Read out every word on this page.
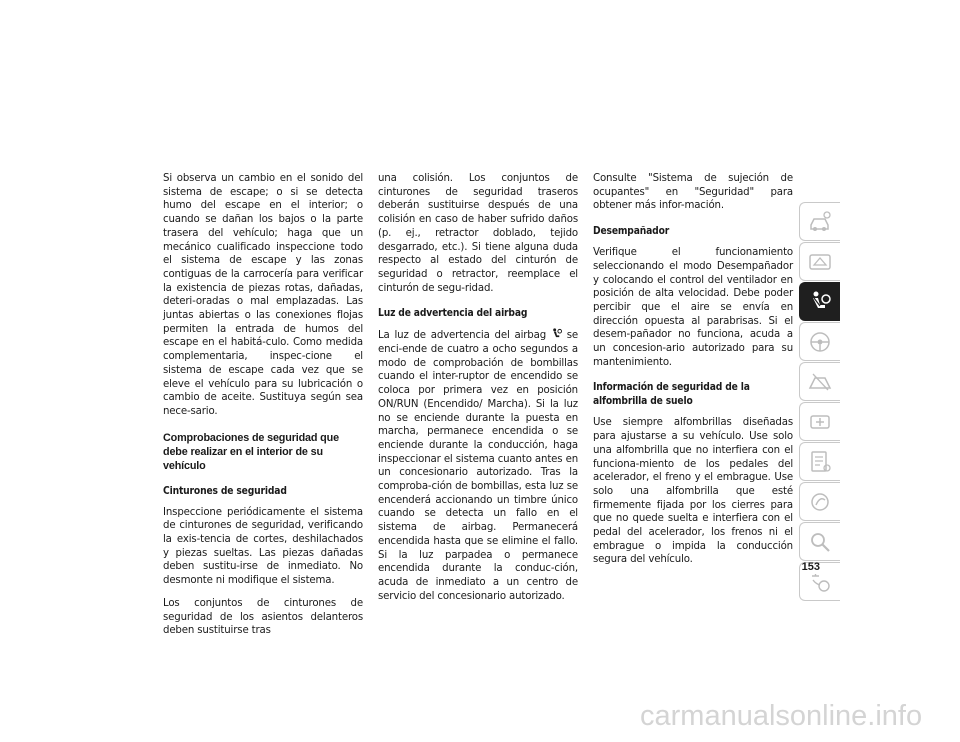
Si observa un cambio en el sonido del sistema de escape; o si se detecta humo del escape en el interior; o cuando se dañan los bajos o la parte trasera del vehículo; haga que un mecánico cualificado inspeccione todo el sistema de escape y las zonas contiguas de la carrocería para verificar la existencia de piezas rotas, dañadas, deteri-oradas o mal emplazadas. Las juntas abiertas o las conexiones flojas permiten la entrada de humos del escape en el habitá-culo. Como medida complementaria, inspec-cione el sistema de escape cada vez que se eleve el vehículo para su lubricación o cambio de aceite. Sustituya según sea nece-sario.

Comprobaciones de seguridad que debe realizar en el interior de su vehículo
Cinturones de seguridad

Inspeccione periódicamente el sistema de cinturones de seguridad, verificando la exis-tencia de cortes, deshilachados y piezas sueltas. Las piezas dañadas deben sustitu-irse de inmediato. No desmonte ni modifique el sistema.

Los conjuntos de cinturones de seguridad de los asientos delanteros deben sustituirse tras

una colisión. Los conjuntos de cinturones de seguridad traseros deberán sustituirse después de una colisión en caso de haber sufrido daños (p. ej., retractor doblado, tejido desgarrado, etc.). Si tiene alguna duda respecto al estado del cinturón de seguridad o retractor, reemplace el cinturón de segu-ridad.

Luz de advertencia del airbag

La luz de advertencia del airbag se enci-ende de cuatro a ocho segundos a modo de comprobación de bombillas cuando el inter-ruptor de encendido se coloca por primera vez en posición ON/RUN (Encendido/ Marcha). Si la luz no se enciende durante la puesta en marcha, permanece encendida o se enciende durante la conducción, haga inspeccionar el sistema cuanto antes en un concesionario autorizado. Tras la comproba-ción de bombillas, esta luz se encenderá accionando un timbre único cuando se detecta un fallo en el sistema de airbag. Permanecerá encendida hasta que se elimine el fallo. Si la luz parpadea o permanece encendida durante la conduc-ción, acuda de inmediato a un centro de servicio del concesionario autorizado.

Consulte "Sistema de sujeción de ocupantes" en "Seguridad" para obtener más infor-mación.

Desempañador

Verifique el funcionamiento seleccionando el modo Desempañador y colocando el control del ventilador en posición de alta velocidad. Debe poder percibir que el aire se envía en dirección opuesta al parabrisas. Si el desem-pañador no funciona, acuda a un concesion-ario autorizado para su mantenimiento.

Información de seguridad de la alfombrilla de suelo

Use siempre alfombrillas diseñadas para ajustarse a su vehículo. Use solo una alfombrilla que no interfiera con el funciona-miento de los pedales del acelerador, el freno y el embrague. Use solo una alfombrilla que esté firmemente fijada por los cierres para que no quede suelta e interfiera con el pedal del acelerador, los frenos ni el embrague o impida la conducción segura del vehículo.

153
carmanualsonline.info
